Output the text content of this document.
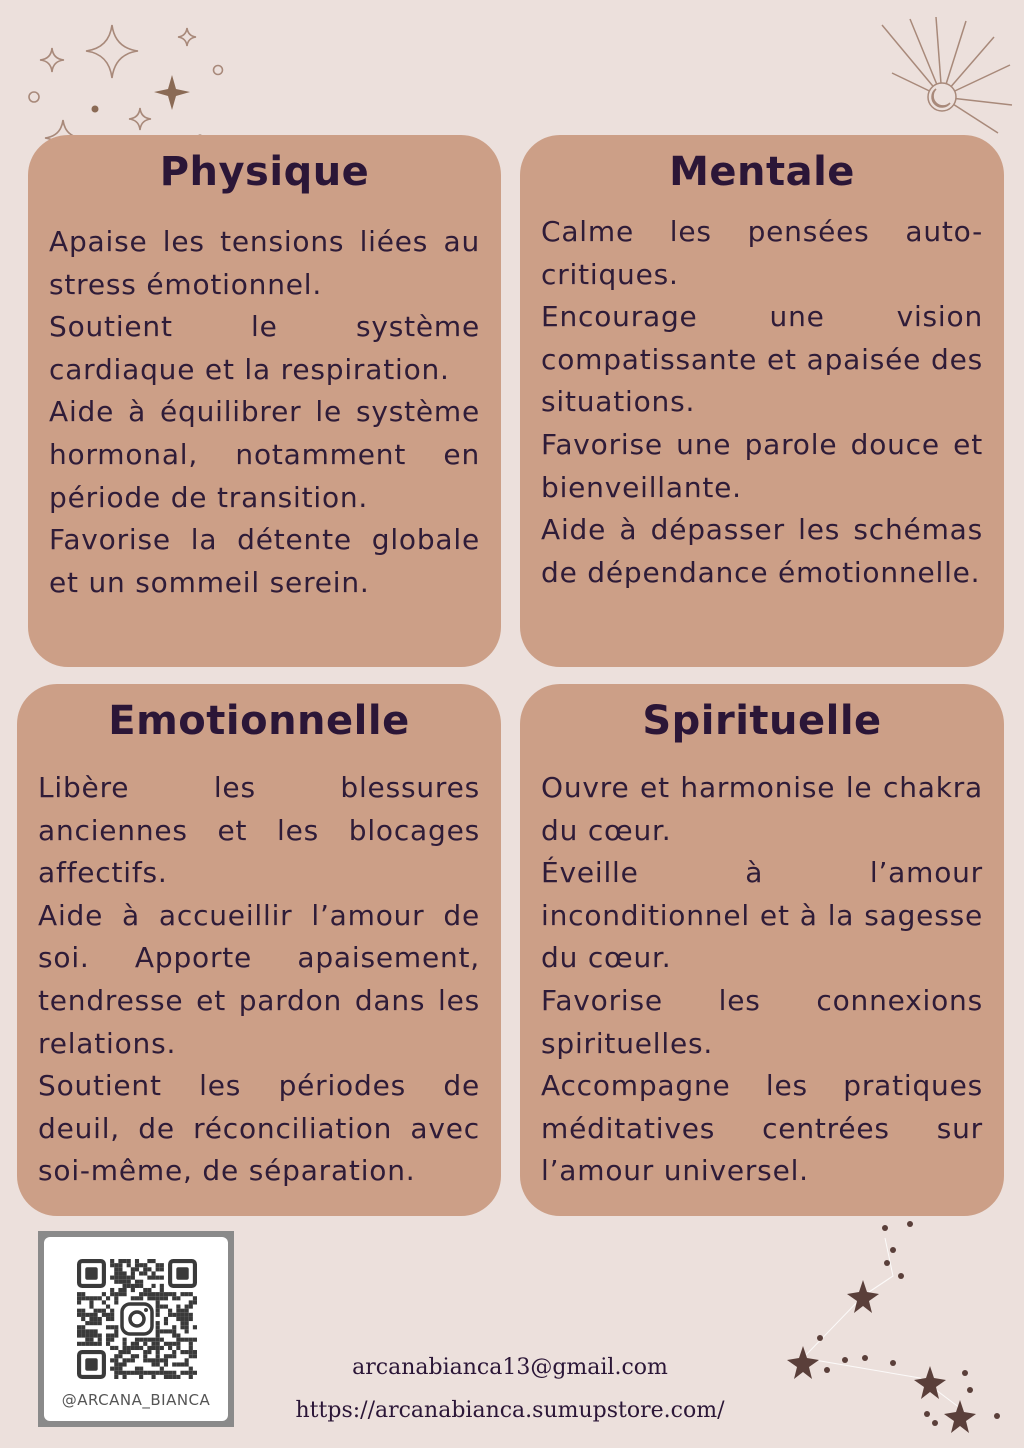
Physique

Apaise les tensions liées au stress émotionnel.

Soutient le système cardiaque et la respiration.

Aide à équilibrer le système hormonal, notamment en période de transition.

Favorise la détente globale et un sommeil serein.

Mentale

Calme les pensées auto-critiques.

Encourage une vision compatissante et apaisée des situations.

Favorise une parole douce et bienveillante.

Aide à dépasser les schémas de dépendance émotionnelle.

Emotionnelle

Libère les blessures anciennes et les blocages affectifs.

Aide à accueillir l’amour de soi. Apporte apaisement, tendresse et pardon dans les relations.

Soutient les périodes de deuil, de réconciliation avec soi-même, de séparation.

Spirituelle

Ouvre et harmonise le chakra du cœur.

Éveille à l’amour inconditionnel et à la sagesse du cœur.

Favorise les connexions spirituelles.

Accompagne les pratiques méditatives centrées sur l’amour universel.

@ARCANA_BIANCA
arcanabianca13@gmail.com
https://arcanabianca.sumupstore.com/
